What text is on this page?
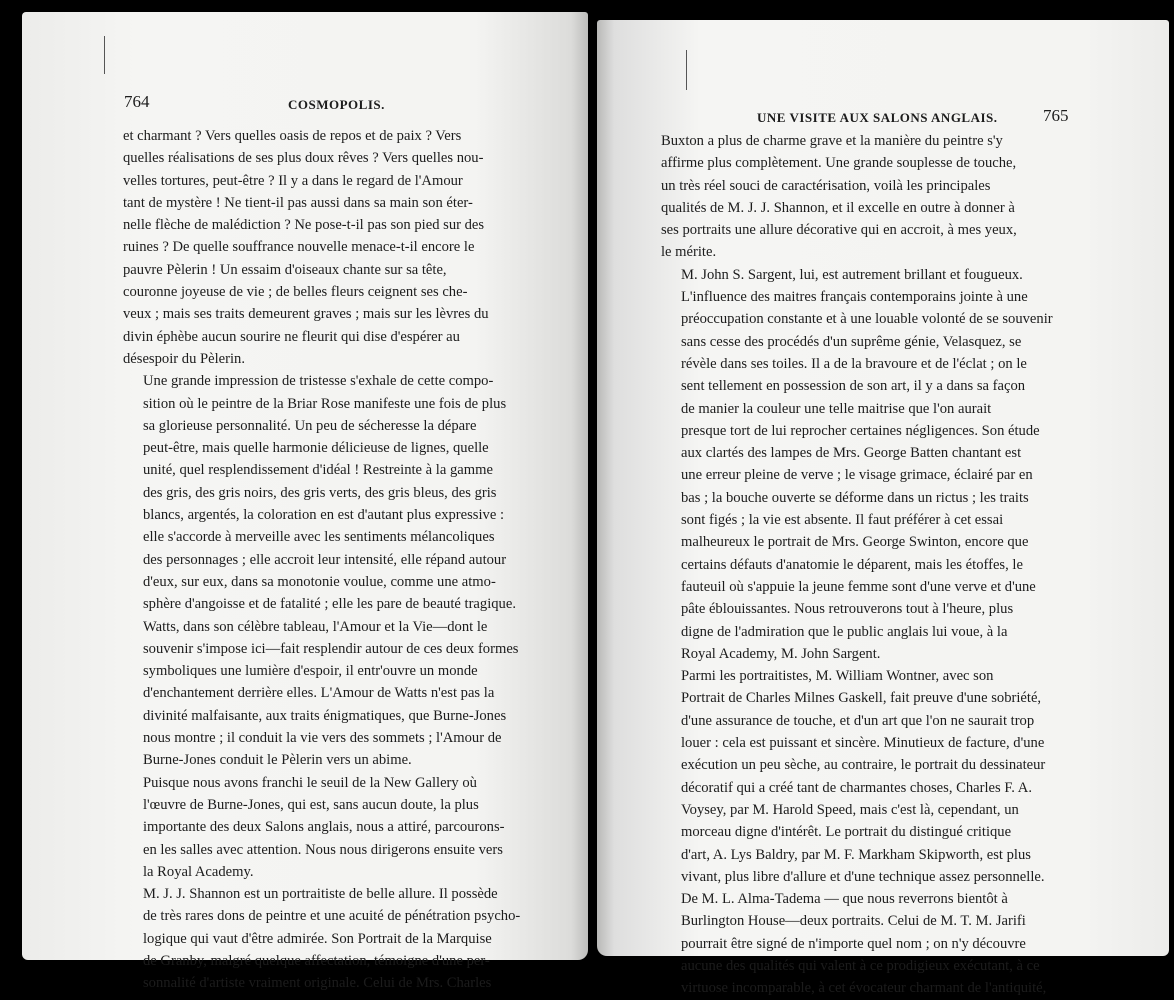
764	COSMOPOLIS.

et charmant ? Vers quelles oasis de repos et de paix ? Vers
quelles réalisations de ses plus doux rêves ? Vers quelles nou-
velles tortures, peut-être ? Il y a dans le regard de l'Amour
tant de mystère ! Ne tient-il pas aussi dans sa main son éter-
nelle flèche de malédiction ? Ne pose-t-il pas son pied sur des
ruines ? De quelle souffrance nouvelle menace-t-il encore le
pauvre Pèlerin ! Un essaim d'oiseaux chante sur sa tête,
couronne joyeuse de vie ; de belles fleurs ceignent ses che-
veux ; mais ses traits demeurent graves ; mais sur les lèvres du
divin éphèbe aucun sourire ne fleurit qui dise d'espérer au
désespoir du Pèlerin.

Une grande impression de tristesse s'exhale de cette compo-
sition où le peintre de la Briar Rose manifeste une fois de plus
sa glorieuse personnalité. Un peu de sécheresse la dépare
peut-être, mais quelle harmonie délicieuse de lignes, quelle
unité, quel resplendissement d'idéal ! Restreinte à la gamme
des gris, des gris noirs, des gris verts, des gris bleus, des gris
blancs, argentés, la coloration en est d'autant plus expressive :
elle s'accorde à merveille avec les sentiments mélancoliques
des personnages ; elle accroit leur intensité, elle répand autour
d'eux, sur eux, dans sa monotonie voulue, comme une atmo-
sphère d'angoisse et de fatalité ; elle les pare de beauté tragique.

Watts, dans son célèbre tableau, l'Amour et la Vie—dont le
souvenir s'impose ici—fait resplendir autour de ces deux formes
symboliques une lumière d'espoir, il entr'ouvre un monde
d'enchantement derrière elles. L'Amour de Watts n'est pas la
divinité malfaisante, aux traits énigmatiques, que Burne-Jones
nous montre ; il conduit la vie vers des sommets ; l'Amour de
Burne-Jones conduit le Pèlerin vers un abime.

Puisque nous avons franchi le seuil de la New Gallery où
l'œuvre de Burne-Jones, qui est, sans aucun doute, la plus
importante des deux Salons anglais, nous a attiré, parcourons-
en les salles avec attention. Nous nous dirigerons ensuite vers
la Royal Academy.

M. J. J. Shannon est un portraitiste de belle allure. Il possède
de très rares dons de peintre et une acuité de pénétration psycho-
logique qui vaut d'être admirée. Son Portrait de la Marquise
de Granby, malgré quelque affectation, témoigne d'une per-
sonnalité d'artiste vraiment originale. Celui de Mrs. Charles

UNE VISITE AUX SALONS ANGLAIS.	765

Buxton a plus de charme grave et la manière du peintre s'y
affirme plus complètement. Une grande souplesse de touche,
un très réel souci de caractérisation, voilà les principales
qualités de M. J. J. Shannon, et il excelle en outre à donner à
ses portraits une allure décorative qui en accroit, à mes yeux,
le mérite.

M. John S. Sargent, lui, est autrement brillant et fougueux.
L'influence des maitres français contemporains jointe à une
préoccupation constante et à une louable volonté de se souvenir
sans cesse des procédés d'un suprême génie, Velasquez, se
révèle dans ses toiles. Il a de la bravoure et de l'éclat ; on le
sent tellement en possession de son art, il y a dans sa façon
de manier la couleur une telle maitrise que l'on aurait
presque tort de lui reprocher certaines négligences. Son étude
aux clartés des lampes de Mrs. George Batten chantant est
une erreur pleine de verve ; le visage grimace, éclairé par en
bas ; la bouche ouverte se déforme dans un rictus ; les traits
sont figés ; la vie est absente. Il faut préférer à cet essai
malheureux le portrait de Mrs. George Swinton, encore que
certains défauts d'anatomie le déparent, mais les étoffes, le
fauteuil où s'appuie la jeune femme sont d'une verve et d'une
pâte éblouissantes. Nous retrouverons tout à l'heure, plus
digne de l'admiration que le public anglais lui voue, à la
Royal Academy, M. John Sargent.

Parmi les portraitistes, M. William Wontner, avec son
Portrait de Charles Milnes Gaskell, fait preuve d'une sobriété,
d'une assurance de touche, et d'un art que l'on ne saurait trop
louer : cela est puissant et sincère. Minutieux de facture, d'une
exécution un peu sèche, au contraire, le portrait du dessinateur
décoratif qui a créé tant de charmantes choses, Charles F. A.
Voysey, par M. Harold Speed, mais c'est là, cependant, un
morceau digne d'intérêt. Le portrait du distingué critique
d'art, A. Lys Baldry, par M. F. Markham Skipworth, est plus
vivant, plus libre d'allure et d'une technique assez personnelle.

De M. L. Alma-Tadema — que nous reverrons bientôt à
Burlington House—deux portraits. Celui de M. T. M. Jarifi
pourrait être signé de n'importe quel nom ; on n'y découvre
aucune des qualités qui valent à ce prodigieux exécutant, à ce
virtuose incomparable, à cet évocateur charmant de l'antiquité,
